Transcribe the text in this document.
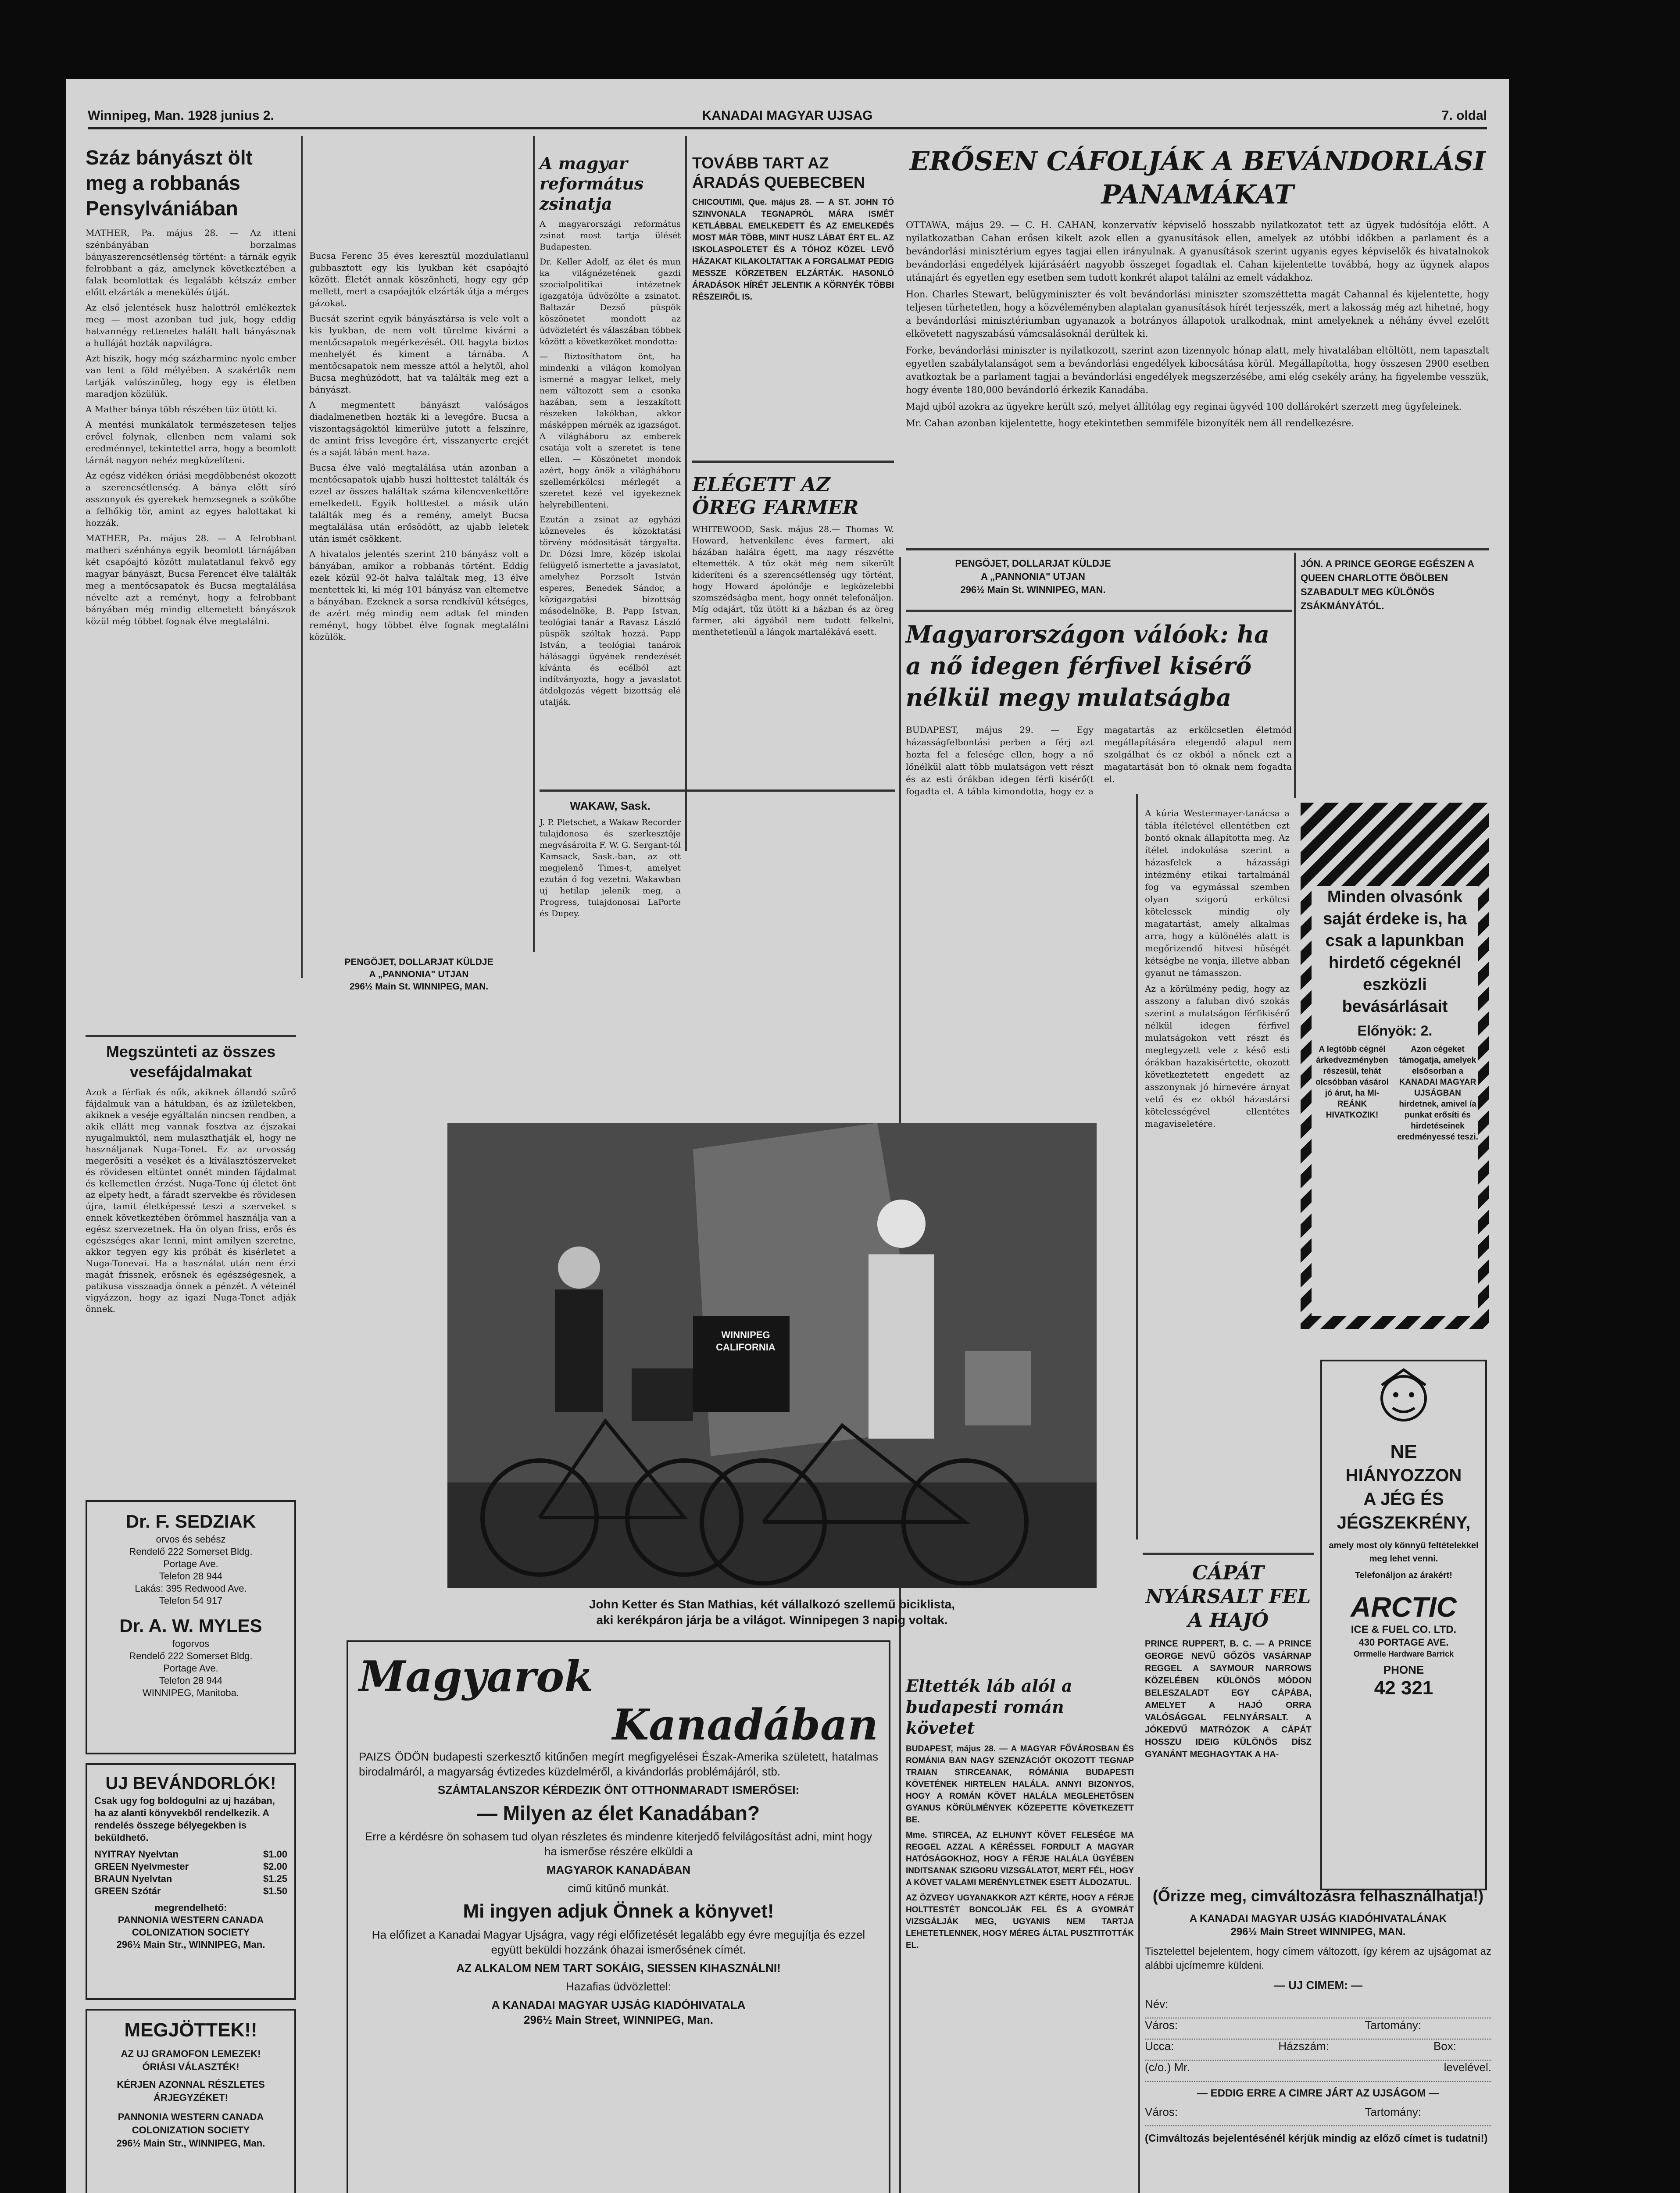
Winnipeg, Man. 1928 junius 2.	KANADAI MAGYAR UJSAG	7. oldal
Száz bányászt ölt meg a robbanás Pensylvániában

MATHER, Pa. május 28. — Az itteni szénbányában borzalmas bányaszerencsétlenség történt: a tárnák egyik felrobbant a gáz, amelynek következtében a falak beomlottak és legalább kétszáz ember előtt elzárták a menekülés útját.

Az első jelentések husz halottról emlékeztek meg — most azonban tud juk, hogy eddig hatvannégy rettenetes halált halt bányásznak a hulláját hozták napvilágra.

Azt hiszik, hogy még százharminc nyolc ember van lent a föld mélyében. A szakértők nem tartják valószinűleg, hogy egy is életben maradjon közülük.

A Mather bánya több részében tüz ütött ki.

A mentési munkálatok természetesen teljes erővel folynak, ellenben nem valami sok eredménnyel, tekintettel arra, hogy a beomlott tárnát nagyon nehéz megközelíteni.

Az egész vidéken óriási megdöbbenést okozott a szerencsétlenség. A bánya előtt síró asszonyok és gyerekek hemzsegnek a szökőbe a felhőkig tör, amint az egyes halottakat ki hozzák.

MATHER, Pa. május 28. — A felrobbant matheri szénhánya egyik beomlott tárnájában két csapóajtó között mulatatlanul fekvő egy magyar bányászt, Bucsa Ferencet élve találták meg a mentőcsapatok és Bucsa megtalálása névelte azt a reményt, hogy a felrobbant bányában még mindig eltemetett bányászok közül még többet fognak élve megtalálni.

Megszünteti az összes vesefájdalmakat

Azok a férfiak és nők, akiknek állandó szűrő fájdalmuk van a hátukban, és az ízületekben, akiknek a veséje egyáltalán nincsen rendben, a akik ellátt meg vannak fosztva az éjszakai nyugalmuktól, nem mulaszthatják el, hogy ne használjanak Nuga-Tonet. Ez az orvosság megerősíti a veséket és a kiválasztószerveket és rövidesen eltüntet onnét minden fájdalmat és kellemetlen érzést. Nuga-Tone új életet önt az elpety hedt, a fáradt szervekbe és rövidesen újra, tamit életképessé teszi a szerveket s ennek következtében örömmel használja van a egész szervezetnek. Ha ön olyan friss, erős és egészséges akar lenni, mint amilyen szeretne, akkor tegyen egy kis próbát és kisérletet a Nuga-Tonevai. Ha a használat után nem érzi magát frissnek, erősnek és egészségesnek, a patikusa visszaadja önnek a pénzét. A véteinél vigyázzon, hogy az igazi Nuga-Tonet adják önnek.

Dr. F. SEDZIAK
orvos és sebész
Rendelő 222 Somerset Bldg.
Portage Ave.
Telefon 28 944
Lakás: 395 Redwood Ave.
Telefon 54 917
Dr. A. W. MYLES
fogorvos
Rendelő 222 Somerset Bldg.
Portage Ave.
Telefon 28 944
WINNIPEG, Manitoba.
UJ BEVÁNDORLÓK!
Csak ugy fog boldogulni az uj hazában, ha az alanti könyvekből rendelkezik. A rendelés összege bélyegekben is beküldhető.
NYITRAY Nyelvtan	$1.00
GREEN Nyelvmester	$2.00
BRAUN Nyelvtan	$1.25
GREEN Szótár	$1.50
megrendelhető:
PANNONIA WESTERN CANADA COLONIZATION SOCIETY
296½ Main Str., WINNIPEG, Man.
MEGJÖTTEK!!
AZ UJ GRAMOFON LEMEZEK!
ÓRIÁSI VÁLASZTÉK!
KÉRJEN AZONNAL RÉSZLETES ÁRJEGYZÉKET!
PANNONIA WESTERN CANADA COLONIZATION SOCIETY
296½ Main Str., WINNIPEG, Man.

Bucsa Ferenc 35 éves keresztül mozdulatlanul gubbasztott egy kis lyukban két csapóajtó között. Életét annak köszönheti, hogy egy gép mellett, mert a csapóajtók elzárták útja a mérges gázokat.

Bucsát szerint egyik bányásztársa is vele volt a kis lyukban, de nem volt türelme kivárni a mentőcsapatok megérkezését. Ott hagyta biztos menhelyét és kiment a tárnába. A mentőcsapatok nem messze attól a helytől, ahol Bucsa meghúzódott, hat va találták meg ezt a bányászt.

A megmentett bányászt valóságos diadalmenetben hozták ki a levegőre. Bucsa a viszontagságoktól kimerülve jutott a felszínre, de amint friss levegőre ért, visszanyerte erejét és a saját lábán ment haza.

Bucsa élve való megtalálása után azonban a mentőcsapatok ujabb huszi holttestet találták és ezzel az összes haláltak száma kilencvenkettőre emelkedett. Egyik holttestet a másik után találták meg és a remény, amelyt Bucsa megtalálása után erősödött, az ujabb leletek után ismét csökkent.

A hivatalos jelentés szerint 210 bányász volt a bányában, amikor a robbanás történt. Eddig ezek közül 92-öt halva találtak meg, 13 élve mentettek ki, ki még 101 bányász van eltemetve a bányában. Ezeknek a sorsa rendkívül kétséges, de azért még mindig nem adtak fel minden reményt, hogy többet élve fognak megtalálni közülök.

PENGÖJET, DOLLARJAT KÜLDJE
A „PANNONIA" UTJAN
296½ Main St. WINNIPEG, MAN.
A magyar református zsinatja

A magyarországi református zsinat most tartja ülését Budapesten.

Dr. Keller Adolf, az élet és mun ka világnézetének gazdi szocialpolitikai intézetnek igazgatója üdvözölte a zsinatot. Baltazár Dezső püspök köszönetet mondott az üdvözletért és válaszában többek között a következőket mondotta:

— Biztosíthatom önt, ha mindenki a világon komolyan ismerné a magyar lelket, mely nem változott sem a csonka hazában, sem a leszakított részeken lakókban, akkor másképpen mérnék az igazságot. A világháboru az emberek csatája volt a szeretet is tene ellen. — Köszönetet mondok azért, hogy önök a világháboru szellemérkölcsi mérlegét a szeretet kezé vel igyekeznek helyrebillenteni.

Ezután a zsinat az egyházi közneveles és közoktatási törvény módositását tárgyalta. Dr. Dózsi Imre, közép iskolai felügyelő ismertette a javaslatot, amelyhez Porzsolt István esperes, Benedek Sándor, a közigazgatási bizottság másodelnöke, B. Papp Istvan, teológiai tanár a Ravasz László püspök szóltak hozzá. Papp István, a teológiai tanárok hálásaggi ügyének rendezését kívánta és ecélból azt indítványozta, hogy a javaslatot átdolgozás végett bizottság elé utalják.

WAKAW, Sask.

J. P. Pletschet, a Wakaw Recorder tulajdonosa és szerkesztője megvásárolta F. W. G. Sergant-tól Kamsack, Sask.-ban, az ott megjelenő Times-t, amelyet ezután ő fog vezetni. Wakawban uj hetilap jelenik meg, a Progress, tulajdonosai LaPorte és Dupey.

TOVÁBB TART AZ ÁRADÁS QUEBECBEN
CHICOUTIMI, Que. május 28. — A ST. JOHN TÓ SZINVONALA TEGNAPRÓL MÁRA ISMÉT KETLÁBBAL EMELKEDETT ÉS AZ EMELKEDÉS MOST MÁR TÖBB, MINT HUSZ LÁBAT ÉRT EL. AZ ISKOLASPOLETET ÉS A TÓHOZ KÖZEL LEVŐ HÁZAKAT KILAKOLTATTAK A FORGALMAT PEDIG MESSZE KÖRZETBEN ELZÁRTÁK. HASONLÓ ÁRADÁSOK HÍRÉT JELENTIK A KÖRNYÉK TÖBBI RÉSZEIRŐL IS.
ELÉGETT AZ ÖREG FARMER

WHITEWOOD, Sask. május 28.— Thomas W. Howard, hetvenkilenc éves farmert, aki házában halálra égett, ma nagy részvétte eltemették. A tűz okát még nem sikerült kideríteni és a szerencsétlenség ugy történt, hogy Howard ápolónője e legközelebbi szomszédságba ment, hogy onnét telefonáljon. Míg odajárt, tűz ütött ki a házban és az öreg farmer, aki ágyából nem tudott felkelni, menthetetlenül a lángok martalékává esett.

ERŐSEN CÁFOLJÁK A BEVÁNDORLÁSI PANAMÁKAT

OTTAWA, május 29. — C. H. CAHAN, konzervatív képviselő hosszabb nyilatkozatot tett az ügyek tudósítója előtt. A nyilatkozatban Cahan erősen kikelt azok ellen a gyanusítások ellen, amelyek az utóbbi időkben a parlament és a bevándorlási minisztérium egyes tagjai ellen irányulnak. A gyanusítások szerint ugyanis egyes képviselők és hivatalnokok bevándorlási engedélyek kijárásáért nagyobb összeget fogadtak el. Cahan kijelentette továbbá, hogy az ügynek alapos utánajárt és egyetlen egy esetben sem tudott konkrét alapot találni az emelt vádakhoz.

Hon. Charles Stewart, belügyminiszter és volt bevándorlási miniszter szomszéttetta magát Cahannal és kijelentette, hogy teljesen türhetetlen, hogy a közvéleményben alaptalan gyanusítások hírét terjesszék, mert a lakosság még azt hihetné, hogy a bevándorlási minisztériumban ugyanazok a botrányos állapotok uralkodnak, mint amelyeknek a néhány évvel ezelőtt elkövetett nagyszabású vámcsalásoknál derültek ki.

Forke, bevándorlási miniszter is nyilatkozott, szerint azon tizennyolc hónap alatt, mely hivatalában eltöltött, nem tapasztalt egyetlen szabálytalanságot sem a bevándorlási engedélyek kibocsátása körül. Megállapította, hogy összesen 2900 esetben avatkoztak be a parlament tagjai a bevándorlási engedélyek megszerzésébe, ami elég csekély arány, ha figyelembe vesszük, hogy évente 180,000 bevándorló érkezik Kanadába.

Majd ujból azokra az ügyekre került szó, melyet állítólag egy reginai ügyvéd 100 dollárokért szerzett meg ügyfeleinek.

Mr. Cahan azonban kijelentette, hogy etekintetben semmiféle bizonyíték nem áll rendelkezésre.

PENGÖJET, DOLLARJAT KÜLDJE
A „PANNONIA" UTJAN
296½ Main St. WINNIPEG, MAN.
JÓN. A PRINCE GEORGE EGÉSZEN A QUEEN CHARLOTTE ÖBÖLBEN SZABADULT MEG KÜLÖNÖS ZSÁKMÁNYÁTÓL.
Magyarországon válóok: ha a nő idegen férfivel kisérő nélkül megy mulatságba

BUDAPEST, május 29. — Egy házasságfelbontási perben a férj azt hozta fel a felesége ellen, hogy a nő lőnélkül alatt több mulatságon vett részt és az esti órákban idegen férfi kisérő(t fogadta el. A tábla kimondotta, hogy ez a magatartás az erkölcsetlen életmód megállapítására elegendő alapul nem szolgálhat és ez okból a nőnek ezt a magatartását bon tó oknak nem fogadta el.

A kúria Westermayer-tanácsa a tábla ítéletével ellentétben ezt bontó oknak állapította meg. Az ítélet indokolása szerint a házasfelek a házassági intézmény etikai tartalmánál fog va egymással szemben olyan szigorú erkölcsi kötelessek mindig oly magatartást, amely alkalmas arra, hogy a különélés alatt is megőrizendő hitvesi hűségét kétségbe ne vonja, illetve abban gyanut ne támasszon.

Az a körülmény pedig, hogy az asszony a faluban divó szokás szerint a mulatságon férfikisérő nélkül idegen férfivel mulatságokon vett részt és megtegyzett vele z késő esti órákban hazakisértette, okozott következtetett engedett az asszonynak jó hírnevére árnyat vető és ez okból házastársi kötelességével ellentétes magaviseletére.

WINNIPEG CALIFORNIA
John Ketter és Stan Mathias, két vállalkozó szellemű biciklista,
aki kerékpáron járja be a világot. Winnipegen 3 napig voltak.
Minden olvasónk saját érdeke is, ha csak a lapunkban hirdető cégeknél eszközli bevásárlásait
Előnyök: 2.
A legtöbb cégnél árkedvezményben részesül, tehát olcsóbban vásárol jó árut, ha MI-REÁNK HIVATKOZIK!
Azon cégeket támogatja, amelyek elsősorban a KANADAI MAGYAR UJSÁGBAN hirdetnek, amivel ía punkat erősíti és hirdetéseinek eredményessé teszi.
NE
HIÁNYOZZON
A JÉG ÉS
JÉGSZEKRÉNY,
amely most oly könnyű feltételekkel meg lehet venni.
Telefonáljon az árakért!
ARCTIC
ICE & FUEL CO. LTD.
430 PORTAGE AVE.
Orrmelle Hardware Barrick
PHONE
42 321
CÁPÁT NYÁRSALT FEL A HAJÓ
PRINCE RUPPERT, B. C. — A PRINCE GEORGE NEVŰ GŐZÖS VASÁRNAP REGGEL A SAYMOUR NARROWS KÖZELÉBEN KÜLÖNÖS MÓDON BELESZALADT EGY CÁPÁBA, AMELYET A HAJÓ ORRA VALÓSÁGGAL FELNYÁRSALT. A JÓKEDVŰ MATRÓZOK A CÁPÁT HOSSZU IDEIG KÜLÖNÖS DÍSZ GYANÁNT MEGHAGYTAK A HA-
Magyarok
Kanadában

PAIZS ÖDÖN budapesti szerkesztő kitűnően megírt megfigyelései Észak-Amerika született, hatalmas birodalmáról, a magyarság évtizedes küzdelméről, a kivándorlás problémájáról, stb.

SZÁMTALANSZOR KÉRDEZIK ÖNT OTTHONMARADT ISMERŐSEI:

— Milyen az élet Kanadában?

Erre a kérdésre ön sohasem tud olyan részletes és mindenre kiterjedő felvilágosítást adni, mint hogy ha ismerőse részére elküldi a

MAGYAROK KANADÁBAN

cimű kitűnő munkát.

Mi ingyen adjuk Önnek a könyvet!

Ha előfizet a Kanadai Magyar Ujságra, vagy régi előfizetését legalább egy évre megujítja és ezzel együtt beküldi hozzánk óhazai ismerősének címét.

AZ ALKALOM NEM TART SOKÁIG, SIESSEN KIHASZNÁLNI!

Hazafias üdvözlettel:

A KANADAI MAGYAR UJSÁG KIADÓHIVATALA

296½ Main Street, WINNIPEG, Man.

Eltették láb alól a budapesti román követet

BUDAPEST, május 28. — A MAGYAR FŐVÁROSBAN ÉS ROMÁNIA BAN NAGY SZENZÁCIÓT OKOZOTT TEGNAP TRAIAN STIRCEANAK, RÓMÁNIA BUDAPESTI KÖVETÉNEK HIRTELEN HALÁLA. ANNYI BIZONYOS, HOGY A ROMÁN KÖVET HALÁLA MEGLEHETŐSEN GYANUS KÖRÜLMÉNYEK KÖZEPETTE KÖVETKEZETT BE.

Mme. STIRCEA, AZ ELHUNYT KÖVET FELESÉGE MA REGGEL AZZAL A KÉRÉSSEL FORDULT A MAGYAR HATÓSÁGOKHOZ, HOGY A FÉRJE HALÁLA ÜGYÉBEN INDITSANAK SZIGORU VIZSGÁLATOT, MERT FÉL, HOGY A KÖVET VALAMI MERÉNYLETNEK ESETT ÁLDOZATUL.

AZ ÖZVEGY UGYANAKKOR AZT KÉRTE, HOGY A FÉRJE HOLTTESTÉT BONCOLJÁK FEL ÉS A GYOMRÁT VIZSGÁLJÁK MEG, UGYANIS NEM TARTJA LEHETETLENNEK, HOGY MÉREG ÁLTAL PUSZTITOTTÁK EL.

(Őrizze meg, cimváltozásra felhasználhatja!)
A KANADAI MAGYAR UJSÁG KIADÓHIVATALÁNAK
296½ Main Street WINNIPEG, MAN.
Tisztelettel bejelentem, hogy címem változott, így kérem az ujságomat az alábbi ujcímemre küldeni.
— UJ CIMEM: —
Név:
Város:	Tartomány:
Ucca:	Házszám:	Box:
(c/o.) Mr.	levelével.
— EDDIG ERRE A CIMRE JÁRT AZ UJSÁGOM —
Város:	Tartomány:
(Cimváltozás bejelentésénél kérjük mindig az előző címet is tudatni!)
